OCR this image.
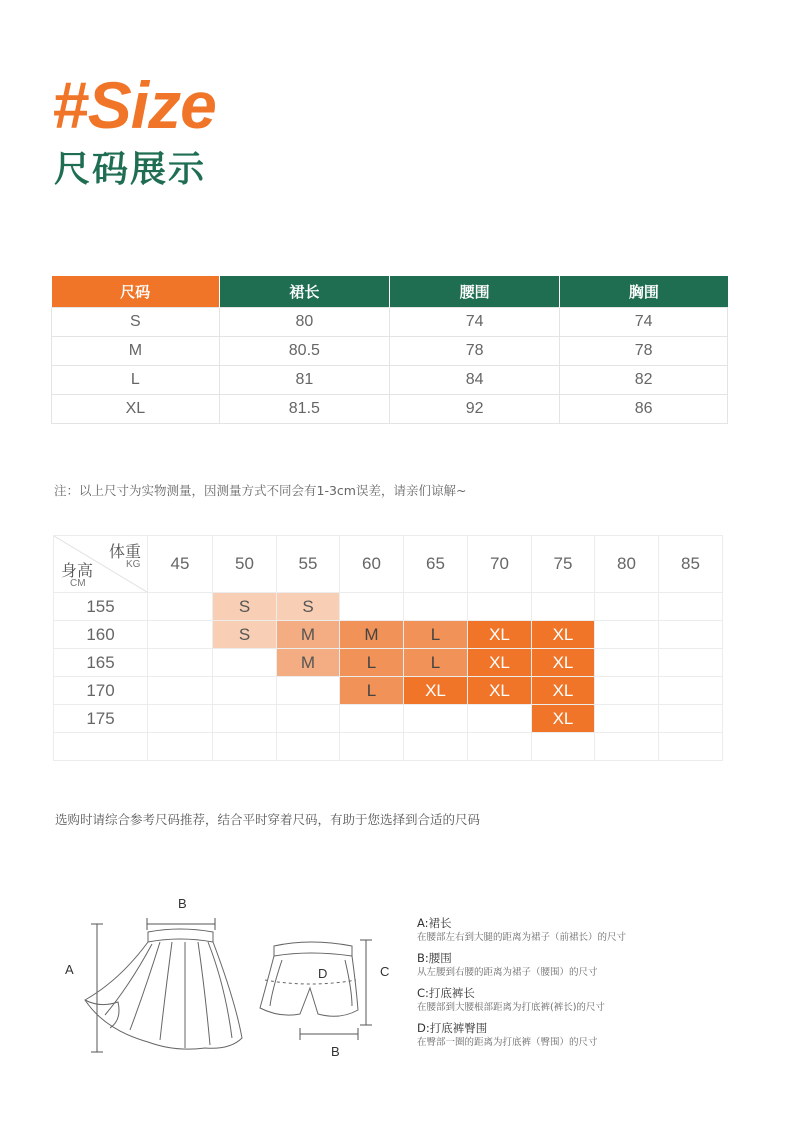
#Size
尺码展示
尺码	裙长	腰围	胸围
S	80	74	74
M	80.5	78	78
L	81	84	82
XL	81.5	92	86
注：以上尺寸为实物测量，因测量方式不同会有1-3cm误差，请亲们谅解~
体重
KG
身高
CM	45	50	55	60	65	70	75	80	85
155		S	S						
160		S	M	M	L	XL	XL		
165			M	L	L	XL	XL		
170				L	XL	XL	XL		
175							XL		

选购时请综合参考尺码推荐，结合平时穿着尺码，有助于您选择到合适的尺码
A
B
D	C
B
A:裙长
在腰部左右到大腿的距离为裙子（前裙长）的尺寸
B:腰围
从左腰到右腰的距离为裙子（腰围）的尺寸
C:打底裤长
在腰部到大腰根部距离为打底裤(裤长)的尺寸
D:打底裤臀围
在臀部一圈的距离为打底裤（臀围）的尺寸
